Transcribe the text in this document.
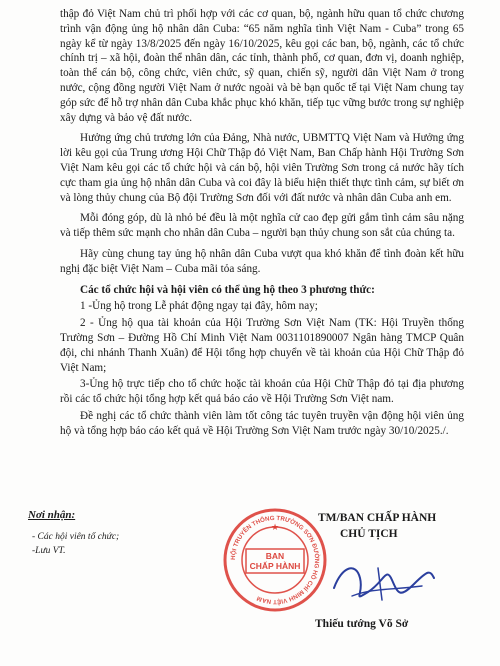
thập đỏ Việt Nam chủ trì phối hợp với các cơ quan, bộ, ngành hữu quan tổ chức chương trình vận động ủng hộ nhân dân Cuba: “65 năm nghĩa tình Việt Nam - Cuba” trong 65 ngày kể từ ngày 13/8/2025 đến ngày 16/10/2025, kêu gọi các ban, bộ, ngành, các tổ chức chính trị – xã hội, đoàn thể nhân dân, các tỉnh, thành phố, cơ quan, đơn vị, doanh nghiệp, toàn thể cán bộ, công chức, viên chức, sỹ quan, chiến sỹ, người dân Việt Nam ở trong nước, cộng đồng người Việt Nam ở nước ngoài và bè bạn quốc tế tại Việt Nam chung tay góp sức để hỗ trợ nhân dân Cuba khắc phục khó khăn, tiếp tục vững bước trong sự nghiệp xây dựng và bảo vệ đất nước.

Hưởng ứng chủ trương lớn của Đảng, Nhà nước, UBMTTQ Việt Nam và Hưởng ứng lời kêu gọi của Trung ương Hội Chữ Thập đỏ Việt Nam, Ban Chấp hành Hội Trường Sơn Việt Nam kêu gọi các tổ chức hội và cán bộ, hội viên Trường Sơn trong cả nước hãy tích cực tham gia ủng hộ nhân dân Cuba và coi đây là biểu hiện thiết thực tình cảm, sự biết ơn và lòng thủy chung của Bộ đội Trường Sơn đối với đất nước và nhân dân Cuba anh em.

Mỗi đóng góp, dù là nhỏ bé đều là một nghĩa cử cao đẹp gửi gắm tình cảm sâu nặng và tiếp thêm sức mạnh cho nhân dân Cuba – người bạn thủy chung son sắt của chúng ta.

Hãy cùng chung tay ủng hộ nhân dân Cuba vượt qua khó khăn để tình đoàn kết hữu nghị đặc biệt Việt Nam – Cuba mãi tỏa sáng.

Các tổ chức hội và hội viên có thể ủng hộ theo 3 phương thức:

1 -Ủng hộ trong Lễ phát động ngay tại đây, hôm nay;

2 - Ủng hộ qua tài khoản của Hội Trường Sơn Việt Nam (TK: Hội Truyền thống Trường Sơn – Đường Hồ Chí Minh Việt Nam 0031101890007 Ngân hàng TMCP Quân đội, chi nhánh Thanh Xuân) để Hội tổng hợp chuyển về tài khoản của Hội Chữ Thập đỏ Việt Nam;

3-Ủng hộ trực tiếp cho tổ chức hoặc tài khoản của Hội Chữ Thập đỏ tại địa phương rồi các tổ chức hội tổng hợp kết quả báo cáo về Hội Trường Sơn Việt nam.

Đề nghị các tổ chức thành viên làm tốt công tác tuyên truyền vận động hội viên ủng hộ và tổng hợp báo cáo kết quả về Hội Trường Sơn Việt Nam trước ngày 30/10/2025./.

Nơi nhận:
- Các hội viên tổ chức;
-Lưu VT.
HỘI TRUYỀN THỐNG TRƯỜNG SƠN ĐƯỜNG HỒ CHÍ MINH VIỆT NAM
BAN
CHẤP HÀNH
★
TM/BAN CHẤP HÀNH
CHỦ TỊCH
Thiếu tướng Võ Sở
